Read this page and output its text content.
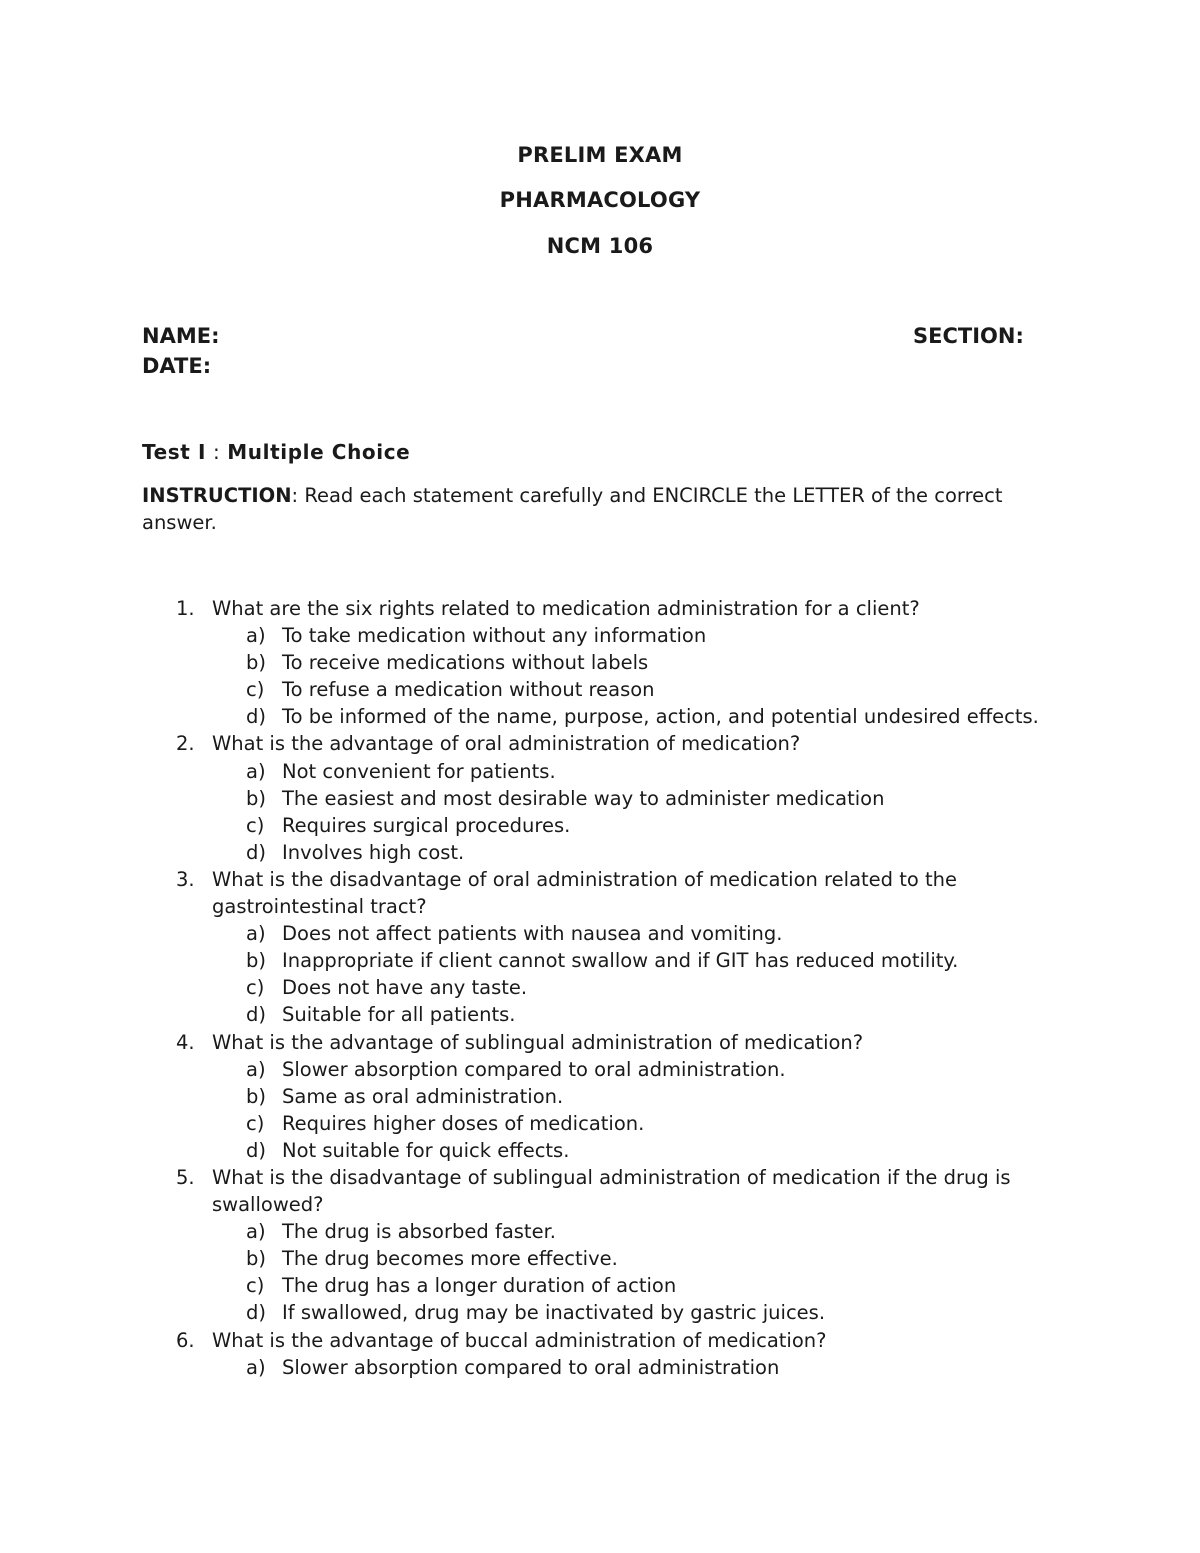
PRELIM EXAM
PHARMACOLOGY
NCM 106
NAME:	SECTION:
DATE:
Test I : Multiple Choice
INSTRUCTION: Read each statement carefully and ENCIRCLE the LETTER of the correct answer.
1. What are the six rights related to medication administration for a client?
a) To take medication without any information
b) To receive medications without labels
c) To refuse a medication without reason
d) To be informed of the name, purpose, action, and potential undesired effects.
2. What is the advantage of oral administration of medication?
a) Not convenient for patients.
b) The easiest and most desirable way to administer medication
c) Requires surgical procedures.
d) Involves high cost.
3. What is the disadvantage of oral administration of medication related to the gastrointestinal tract?
a) Does not affect patients with nausea and vomiting.
b) Inappropriate if client cannot swallow and if GIT has reduced motility.
c) Does not have any taste.
d) Suitable for all patients.
4. What is the advantage of sublingual administration of medication?
a) Slower absorption compared to oral administration.
b) Same as oral administration.
c) Requires higher doses of medication.
d) Not suitable for quick effects.
5. What is the disadvantage of sublingual administration of medication if the drug is swallowed?
a) The drug is absorbed faster.
b) The drug becomes more effective.
c) The drug has a longer duration of action
d) If swallowed, drug may be inactivated by gastric juices.
6. What is the advantage of buccal administration of medication?
a) Slower absorption compared to oral administration
